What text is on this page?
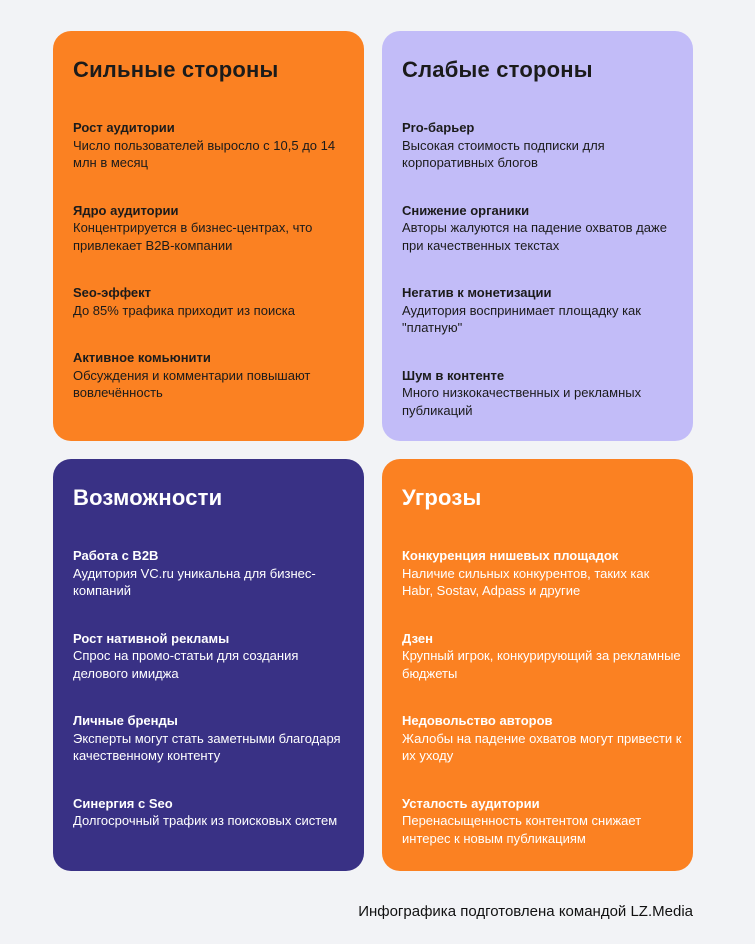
Сильные стороны
Рост аудитории
Число пользователей выросло с 10,5 до 14 млн в месяц
Ядро аудитории
Концентрируется в бизнес-центрах, что привлекает B2B-компании
Seo-эффект
До 85% трафика приходит из поиска
Активное комьюнити
Обсуждения и комментарии повышают вовлечённость
Слабые стороны
Pro-барьер
Высокая стоимость подписки для корпоративных блогов
Снижение органики
Авторы жалуются на падение охватов даже при качественных текстах
Негатив к монетизации
Аудитория воспринимает площадку как "платную"
Шум в контенте
Много низкокачественных и рекламных публикаций
Возможности
Работа с B2B
Аудитория VC.ru уникальна для бизнес-компаний
Рост нативной рекламы
Спрос на промо-статьи для создания делового имиджа
Личные бренды
Эксперты могут стать заметными благодаря качественному контенту
Синергия с Seo
Долгосрочный трафик из поисковых систем
Угрозы
Конкуренция нишевых площадок
Наличие сильных конкурентов, таких как Habr, Sostav, Adpass и другие
Дзен
Крупный игрок, конкурирующий за рекламные бюджеты
Недовольство авторов
Жалобы на падение охватов могут привести к их уходу
Усталость аудитории
Перенасыщенность контентом снижает интерес к новым публикациям
Инфографика подготовлена командой LZ.Media
